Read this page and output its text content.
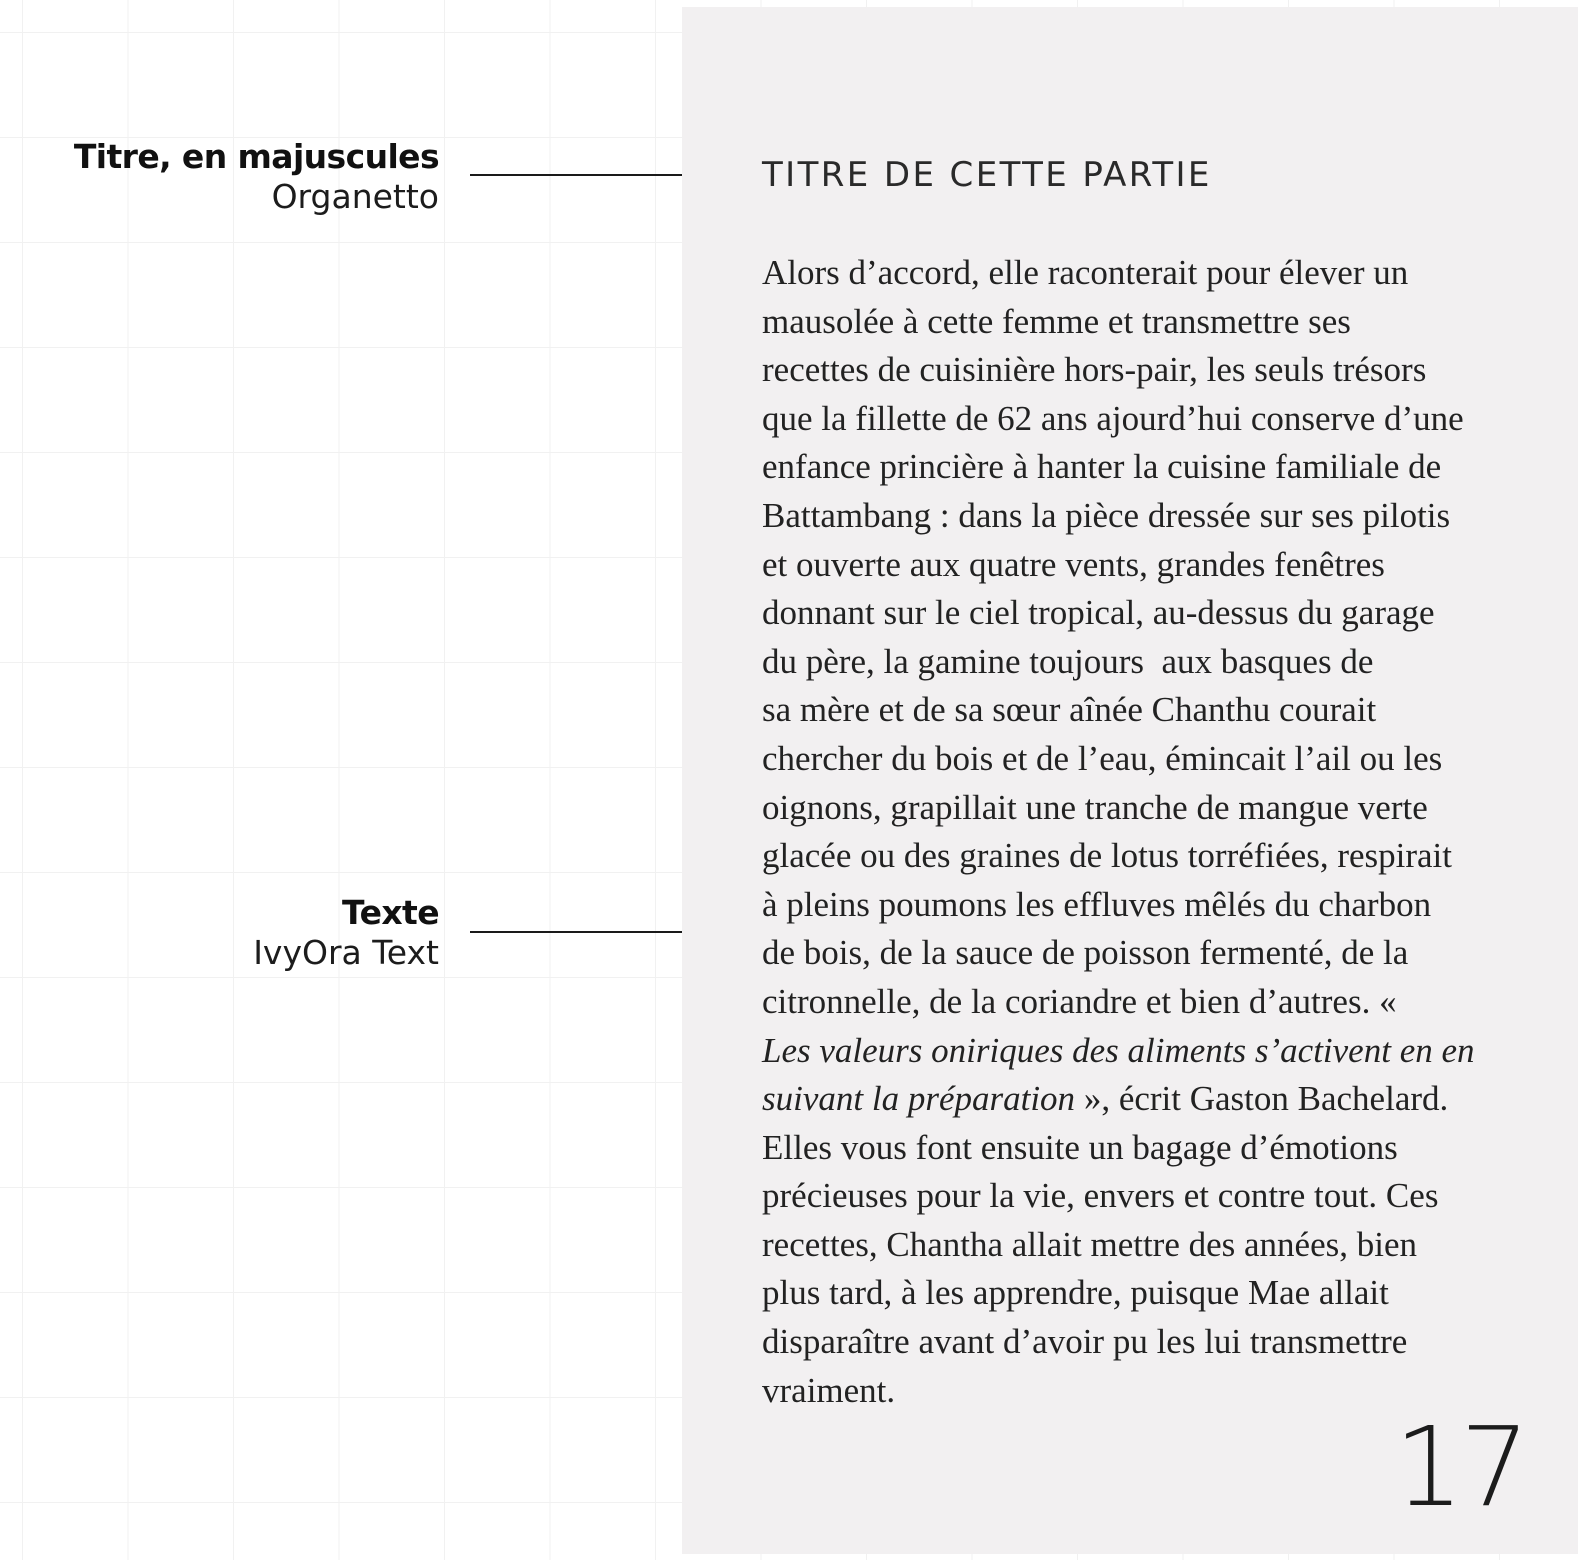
Titre, en majuscules
Organetto
Texte
IvyOra Text
TITRE DE CETTE PARTIE
Alors d’accord, elle raconterait pour élever un
mausolée à cette femme et transmettre ses
recettes de cuisinière hors-pair, les seuls trésors
que la fillette de 62 ans ajourd’hui conserve d’une
enfance princière à hanter la cuisine familiale de
Battambang : dans la pièce dressée sur ses pilotis
et ouverte aux quatre vents, grandes fenêtres
donnant sur le ciel tropical, au-dessus du garage
du père, la gamine toujours  aux basques de
sa mère et de sa sœur aînée Chanthu courait
chercher du bois et de l’eau, émincait l’ail ou les
oignons, grapillait une tranche de mangue verte
glacée ou des graines de lotus torréfiées, respirait
à pleins poumons les effluves mêlés du charbon
de bois, de la sauce de poisson fermenté, de la
citronnelle, de la coriandre et bien d’autres. «
Les valeurs oniriques des aliments s’activent en en
suivant la préparation », écrit Gaston Bachelard.
Elles vous font ensuite un bagage d’émotions
précieuses pour la vie, envers et contre tout. Ces
recettes, Chantha allait mettre des années, bien
plus tard, à les apprendre, puisque Mae allait
disparaître avant d’avoir pu les lui transmettre
vraiment.
17
